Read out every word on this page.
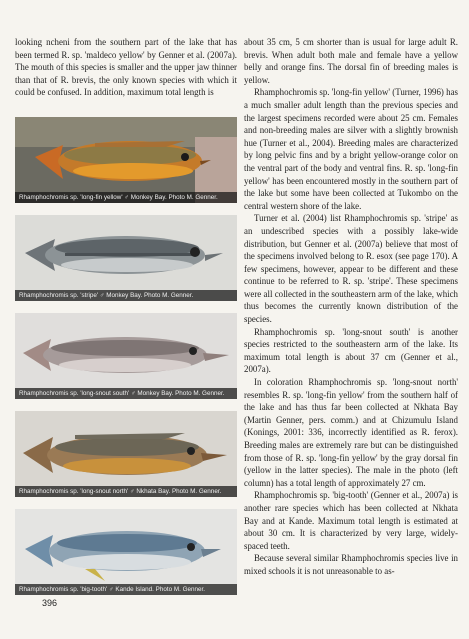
looking ncheni from the southern part of the lake that has been termed R. sp. 'maldeco yellow' by Genner et al. (2007a). The mouth of this species is smaller and the upper jaw thinner than that of R. brevis, the only known species with which it could be confused. In addition, maximum total length is

Rhamphochromis sp. 'long-fin yellow' ♂ Monkey Bay. Photo M. Genner.
Rhamphochromis sp. 'stripe' ♂ Monkey Bay. Photo M. Genner.
Rhamphochromis sp. 'long-snout south' ♂ Monkey Bay. Photo M. Genner.
Rhamphochromis sp. 'long-snout north' ♂ Nkhata Bay. Photo M. Genner.
Rhamphochromis sp. 'big-tooth' ♂ Kande Island. Photo M. Genner.

about 35 cm, 5 cm shorter than is usual for large adult R. brevis. When adult both male and female have a yellow belly and orange fins. The dorsal fin of breeding males is yellow.

Rhamphochromis sp. 'long-fin yellow' (Turner, 1996) has a much smaller adult length than the previous species and the largest specimens recorded were about 25 cm. Females and non-breeding males are silver with a slightly brownish hue (Turner et al., 2004). Breeding males are characterized by long pelvic fins and by a bright yellow-orange color on the ventral part of the body and ventral fins. R. sp. 'long-fin yellow' has been encountered mostly in the southern part of the lake but some have been collected at Tukombo on the central western shore of the lake.

Turner et al. (2004) list Rhamphochromis sp. 'stripe' as an undescribed species with a possibly lake-wide distribution, but Genner et al. (2007a) believe that most of the specimens involved belong to R. esox (see page 170). A few specimens, however, appear to be different and these continue to be referred to R. sp. 'stripe'. These specimens were all collected in the southeastern arm of the lake, which thus becomes the currently known distribution of the species.

Rhamphochromis sp. 'long-snout south' is another species restricted to the southeastern arm of the lake. Its maximum total length is about 37 cm (Genner et al., 2007a).

In coloration Rhamphochromis sp. 'long-snout north' resembles R. sp. 'long-fin yellow' from the southern half of the lake and has thus far been collected at Nkhata Bay (Martin Genner, pers. comm.) and at Chizumulu Island (Konings, 2001: 336, incorrectly identified as R. ferox). Breeding males are extremely rare but can be distinguished from those of R. sp. 'long-fin yellow' by the gray dorsal fin (yellow in the latter species). The male in the photo (left column) has a total length of approximately 27 cm.

Rhamphochromis sp. 'big-tooth' (Genner et al., 2007a) is another rare species which has been collected at Nkhata Bay and at Kande. Maximum total length is estimated at about 30 cm. It is characterized by very large, widely-spaced teeth.

Because several similar Rhamphochromis species live in mixed schools it is not unreasonable to as-

396
